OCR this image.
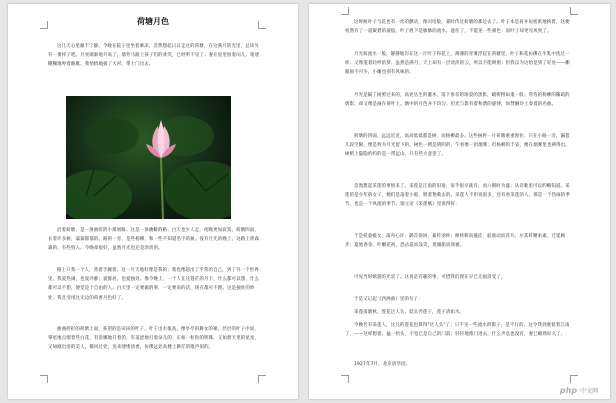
荷塘月色

这几天心里颇不宁静。今晚在院子里坐着乘凉，忽然想起日日走过的荷塘，在这满月的光里，总该另有一番样子吧。月亮渐渐地升高了，墙外马路上孩子们的欢笑，已经听不见了；妻在屋里拍着闰儿，迷迷糊糊地哼着眠歌。我悄悄地披了大衫，带上门出去。

沿着荷塘，是一条曲折的小煤屑路。这是一条幽僻的路；白天也少人走，夜晚更加寂寞。荷塘四面，长着许多树，蓊蓊郁郁的。路的一旁，是些杨柳，和一些不知道名字的树。没有月光的晚上，这路上阴森森的，有些怕人。今晚却很好，虽然月光也还是淡淡的。

路上只我一个人，背着手踱着。这一片天地好像是我的；我也像超出了平常的自己，到了另一个世界里。我爱热闹，也爱冷静；爱群居，也爱独处。像今晚上，一个人在这苍茫的月下，什么都可以想，什么都可以不想，便觉是个自由的人。白天里一定要做的事，一定要说的话，现在都可不理。这是独处的妙处，我且受用这无边的荷香月色好了。

曲曲折折的荷塘上面，弥望的是田田的叶子。叶子出水很高，像亭亭的舞女的裙。层层的叶子中间，零星地点缀着些白花，有袅娜地开着的，有羞涩地打着朵儿的；正如一粒粒的明珠，又如碧天里的星星，又如刚出浴的美人。微风过处，送来缕缕清香，仿佛远处高楼上渺茫的歌声似的。

这时候叶子与花也有一丝的颤动，像闪电般，霎时传过荷塘的那边去了。叶子本是肩并肩密密地挨着，这便宛然有了一道凝碧的波痕。叶子底下是脉脉的流水，遮住了，不能见一些颜色；而叶子却更见风致了。

月光如流水一般，静静地泻在这一片叶子和花上。薄薄的青雾浮起在荷塘里。叶子和花仿佛在牛乳中洗过一样；又像笼着轻纱的梦。虽然是满月，天上却有一层淡淡的云，所以不能朗照；但我以为这恰是到了好处——酣眠固不可少，小睡也别有风味的。

月光是隔了树照过来的，高处丛生的灌木，落下参差的斑驳的黑影，峭楞楞如鬼一般；弯弯的杨柳的稀疏的倩影，却又像是画在荷叶上。塘中的月色并不均匀；但光与影有着和谐的旋律，如梵婀玲上奏着的名曲。

荷塘的四面，远远近近，高高低低都是树，而杨柳最多。这些树将一片荷塘重重围住；只在小路一旁，漏着几段空隙，像是特为月光留下的。树色一例是阴阴的，乍看像一团烟雾；但杨柳的丰姿，便在烟雾里也辨得出。树梢上隐隐约约的是一带远山，只有些大意罢了。

忽然想起采莲的事情来了。采莲是江南的旧俗，似乎很早就有，而六朝时为盛；从诗歌里可以约略知道。采莲的是少年的女子，她们是荡着小船，唱着艳歌去的。采莲人不用说很多，还有看采莲的人。那是一个热闹的季节，也是一个风流的季节。梁元帝《采莲赋》里说得好：

于是妖童媛女，荡舟心许；鹢首徐回，兼传羽杯；棹将移而藻挂，船欲动而萍开。尔其纤腰束素，迁延顾步；夏始春余，叶嫩花初，恐沾裳而浅笑，畏倾船而敛裾。

可见当时嬉游的光景了。这真是有趣的事，可惜我们现在早已无福消受了。

于是又记起《西洲曲》里的句子：

采莲南塘秋，莲花过人头；低头弄莲子，莲子清如水。

今晚若有采莲人，这儿的莲花也算得"过人头"了；只不见一些流水的影子，是不行的。这令我到底惦着江南了。——这样想着，猛一抬头，不觉已是自己的门前；轻轻地推门进去，什么声息也没有，妻已睡熟好久了。

1927年7月，北京清华园。

php 中文网
